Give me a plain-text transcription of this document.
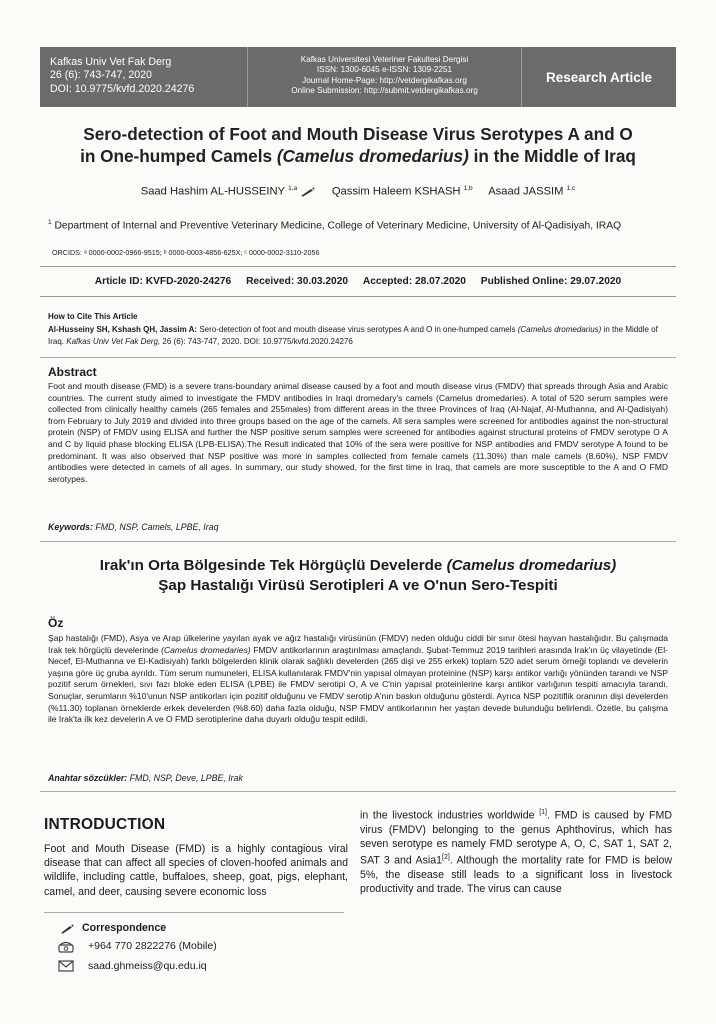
Kafkas Univ Vet Fak Derg
26 (6): 743-747, 2020
DOI: 10.9775/kvfd.2020.24276
Kafkas Universitesi Veteriner Fakultesi Dergisi
ISSN: 1300-6045 e-ISSN: 1309-2251
Journal Home-Page: http://vetdergikafkas.org
Online Submission: http://submit.vetdergikafkas.org
Research Article
Sero-detection of Foot and Mouth Disease Virus Serotypes A and O
in One-humped Camels (Camelus dromedarius) in the Middle of Iraq
Saad Hashim AL-HUSSEINY $^{1,a}$	Qassim Haleem KSHASH $^{1,b}$ Asaad JASSIM $^{1,c}$
$^1$ Department of Internal and Preventive Veterinary Medicine, College of Veterinary Medicine, University of Al-Qadisiyah, IRAQ
ORCIDS: ᵃ 0000-0002-0966-9515; ᵇ 0000-0003-4856-625X; ᶜ 0000-0002-3110-2056
Article ID: KVFD-2020-24276 Received: 30.03.2020 Accepted: 28.07.2020 Published Online: 29.07.2020
How to Cite This Article
Al-Husseiny SH, Kshash QH, Jassim A: Sero-detection of foot and mouth disease virus serotypes A and O in one-humped camels (Camelus dromedarius) in the Middle of Iraq. Kafkas Univ Vet Fak Derg, 26 (6): 743-747, 2020. DOI: 10.9775/kvfd.2020.24276
Abstract
Foot and mouth disease (FMD) is a severe trans-boundary animal disease caused by a foot and mouth disease virus (FMDV) that spreads through Asia and Arabic countries. The current study aimed to investigate the FMDV antibodies in Iraqi dromedary's camels (Camelus dromedaries). A total of 520 serum samples were collected from clinically healthy camels (265 females and 255males) from different areas in the three Provinces of Iraq (Al-Najaf, Al-Muthanna, and Al-Qadisiyah) from February to July 2019 and divided into three groups based on the age of the camels. All sera samples were screened for antibodies against the non-structural protein (NSP) of FMDV using ELISA and further the NSP positive serum samples were screened for antibodies against structural proteins of FMDV serotype O A and C by liquid phase blocking ELISA (LPB-ELISA).The Result indicated that 10% of the sera were positive for NSP antibodies and FMDV serotype A found to be predominant. It was also observed that NSP positive was more in samples collected from female camels (11.30%) than male camels (8.60%), NSP FMDV antibodies were detected in camels of all ages. In summary, our study showed, for the first time in Iraq, that camels are more susceptible to the A and O FMD serotypes.
Keywords: FMD, NSP, Camels, LPBE, Iraq
Irak'ın Orta Bölgesinde Tek Hörgüçlü Develerde (Camelus dromedarius)
Şap Hastalığı Virüsü Serotipleri A ve O'nun Sero-Tespiti
Öz
Şap hastalığı (FMD), Asya ve Arap ülkelerine yayılan ayak ve ağız hastalığı virüsünün (FMDV) neden olduğu ciddi bir sınır ötesi hayvan hastalığıdır. Bu çalışmada Irak tek hörgüçlü develerinde (Camelus dromedaries) FMDV antikorlarının araştırılması amaçlandı. Şubat-Temmuz 2019 tarihleri arasında Irak'ın üç vilayetinde (El-Necef, El-Muthanna ve El-Kadisiyah) farklı bölgelerden klinik olarak sağlıklı develerden (265 dişi ve 255 erkek) toplam 520 adet serum örneği toplandı ve develerin yaşına göre üç gruba ayrıldı. Tüm serum numuneleri, ELISA kullanılarak FMDV'nin yapısal olmayan proteinine (NSP) karşı antikor varlığı yönünden tarandı ve NSP pozitif serum örnekleri, sıvı fazı bloke eden ELISA (LPBE) ile FMDV serotipi O, A ve C'nin yapısal proteinlerine karşı antikor varlığının tespiti amacıyla tarandı. Sonuçlar, serumların %10'unun NSP antikorları için pozitif olduğunu ve FMDV serotip A'nın baskın olduğunu gösterdi. Ayrıca NSP pozitiflik oranının dişi develerden (%11.30) toplanan örneklerde erkek develerden (%8.60) daha fazla olduğu, NSP FMDV antikorlarının her yaştan devede bulunduğu belirlendi. Özetle, bu çalışma ile Irak'ta ilk kez develerin A ve O FMD serotiplerine daha duyarlı olduğu tespit edildi.
Anahtar sözcükler: FMD, NSP, Deve, LPBE, Irak
INTRODUCTION
Foot and Mouth Disease (FMD) is a highly contagious viral disease that can affect all species of cloven-hoofed animals and wildlife, including cattle, buffaloes, sheep, goat, pigs, elephant, camel, and deer, causing severe economic loss
in the livestock industries worldwide [1]. FMD is caused by FMD virus (FMDV) belonging to the genus Aphthovirus, which has seven serotype es namely FMD serotype A, O, C, SAT 1, SAT 2, SAT 3 and Asia1[2]. Although the mortality rate for FMD is below 5%, the disease still leads to a significant loss in livestock productivity and trade. The virus can cause
Correspondence
+964 770 2822276 (Mobile)
saad.ghmeiss@qu.edu.iq
